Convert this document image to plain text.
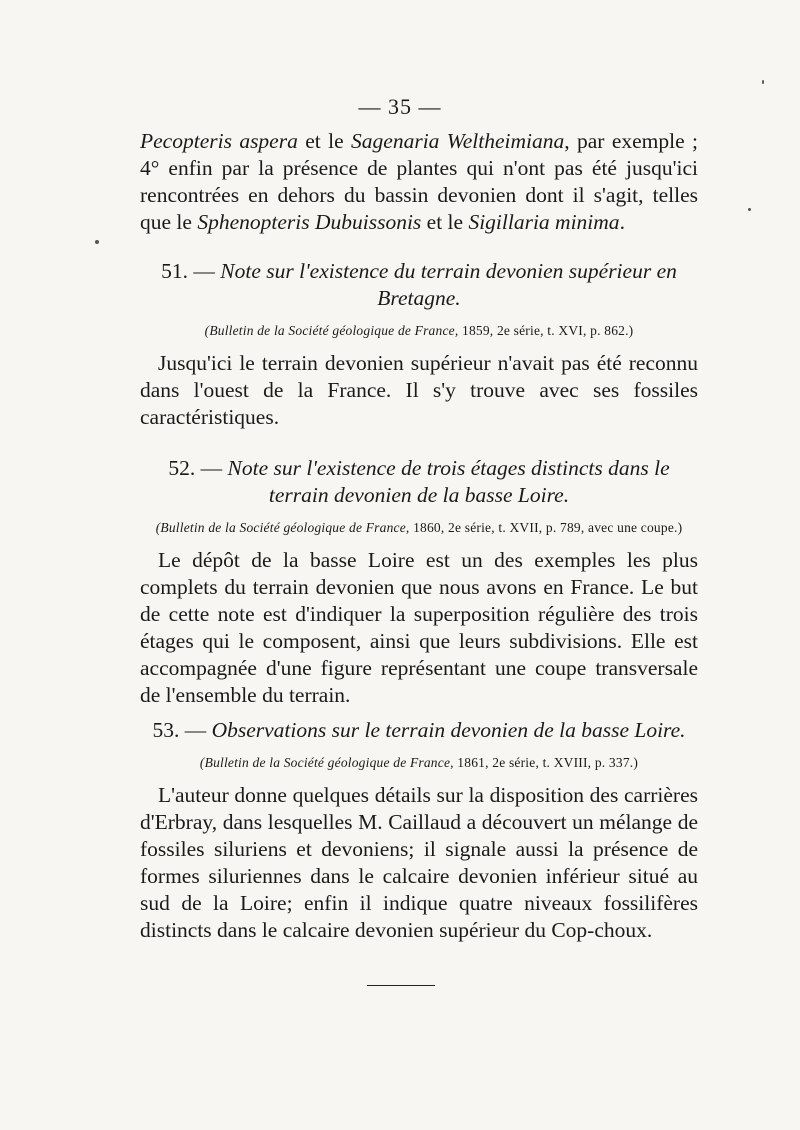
— 35 —

Pecopteris aspera et le Sagenaria Weltheimiana, par exemple ; 4° enfin par la présence de plantes qui n'ont pas été jusqu'ici rencontrées en dehors du bassin devonien dont il s'agit, telles que le Sphenopteris Dubuissonis et le Sigillaria minima.

51. — Note sur l'existence du terrain devonien supérieur en Bretagne.
(Bulletin de la Société géologique de France, 1859, 2e série, t. XVI, p. 862.)
Jusqu'ici le terrain devonien supérieur n'avait pas été reconnu dans l'ouest de la France. Il s'y trouve avec ses fossiles caractéristiques.
52. — Note sur l'existence de trois étages distincts dans le terrain devonien de la basse Loire.
(Bulletin de la Société géologique de France, 1860, 2e série, t. XVII, p. 789, avec une coupe.)
Le dépôt de la basse Loire est un des exemples les plus complets du terrain devonien que nous avons en France. Le but de cette note est d'indiquer la superposition régulière des trois étages qui le composent, ainsi que leurs subdivisions. Elle est accompagnée d'une figure représentant une coupe transversale de l'ensemble du terrain.
53. — Observations sur le terrain devonien de la basse Loire.
(Bulletin de la Société géologique de France, 1861, 2e série, t. XVIII, p. 337.)
L'auteur donne quelques détails sur la disposition des carrières d'Erbray, dans lesquelles M. Caillaud a découvert un mélange de fossiles siluriens et devoniens; il signale aussi la présence de formes siluriennes dans le calcaire devonien inférieur situé au sud de la Loire; enfin il indique quatre niveaux fossilifères distincts dans le calcaire devonien supérieur du Cop-choux.
